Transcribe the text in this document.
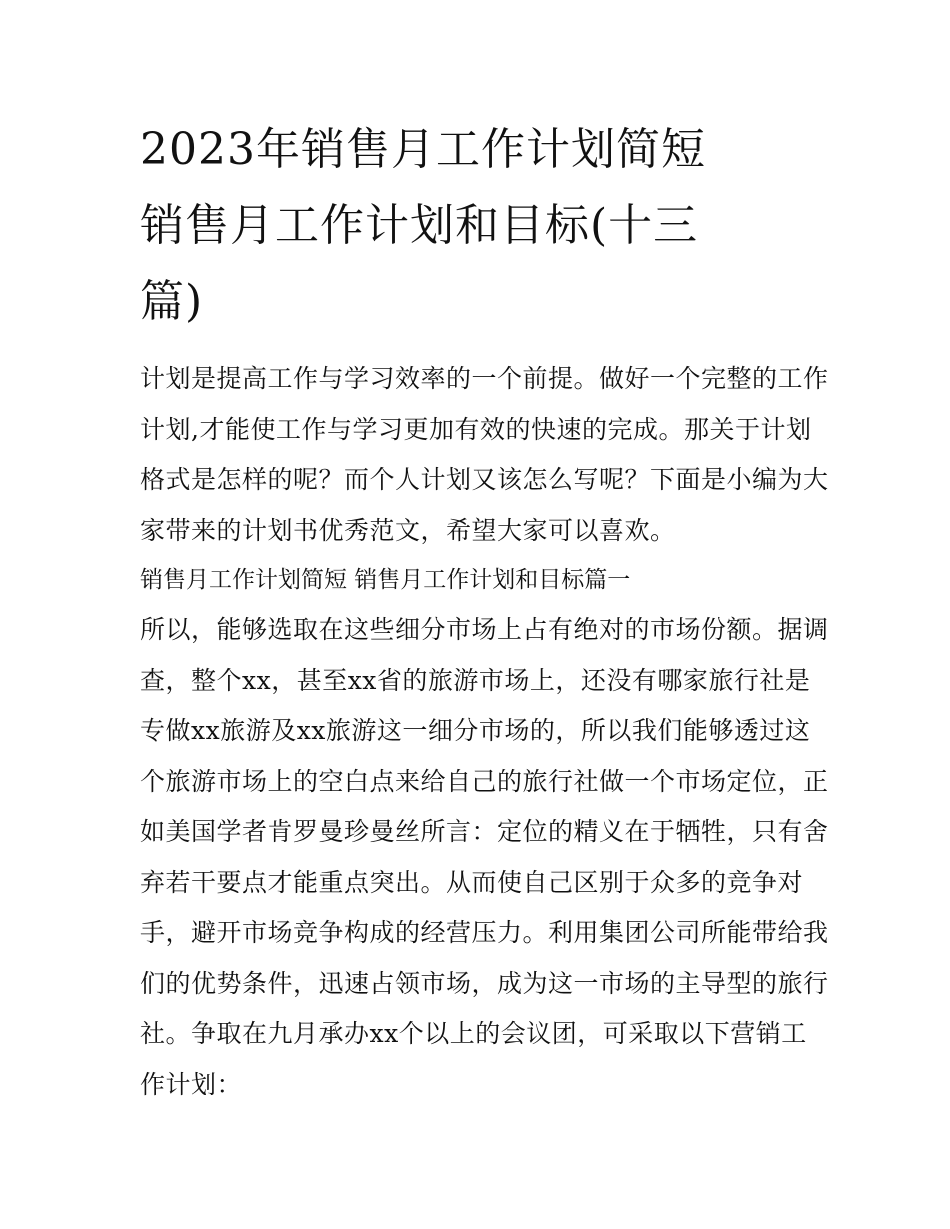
2023年销售月工作计划简短
销售月工作计划和目标(十三
篇)
计划是提高工作与学习效率的一个前提。做好一个完整的工作
计划,才能使工作与学习更加有效的快速的完成。那关于计划
格式是怎样的呢？而个人计划又该怎么写呢？下面是小编为大
家带来的计划书优秀范文，希望大家可以喜欢。
销售月工作计划简短 销售月工作计划和目标篇一
所以，能够选取在这些细分市场上占有绝对的市场份额。据调
查，整个xx，甚至xx省的旅游市场上，还没有哪家旅行社是
专做xx旅游及xx旅游这一细分市场的，所以我们能够透过这
个旅游市场上的空白点来给自己的旅行社做一个市场定位，正
如美国学者肯罗曼珍曼丝所言：定位的精义在于牺牲，只有舍
弃若干要点才能重点突出。从而使自己区别于众多的竞争对
手，避开市场竞争构成的经营压力。利用集团公司所能带给我
们的优势条件，迅速占领市场，成为这一市场的主导型的旅行
社。争取在九月承办xx个以上的会议团，可采取以下营销工
作计划：
